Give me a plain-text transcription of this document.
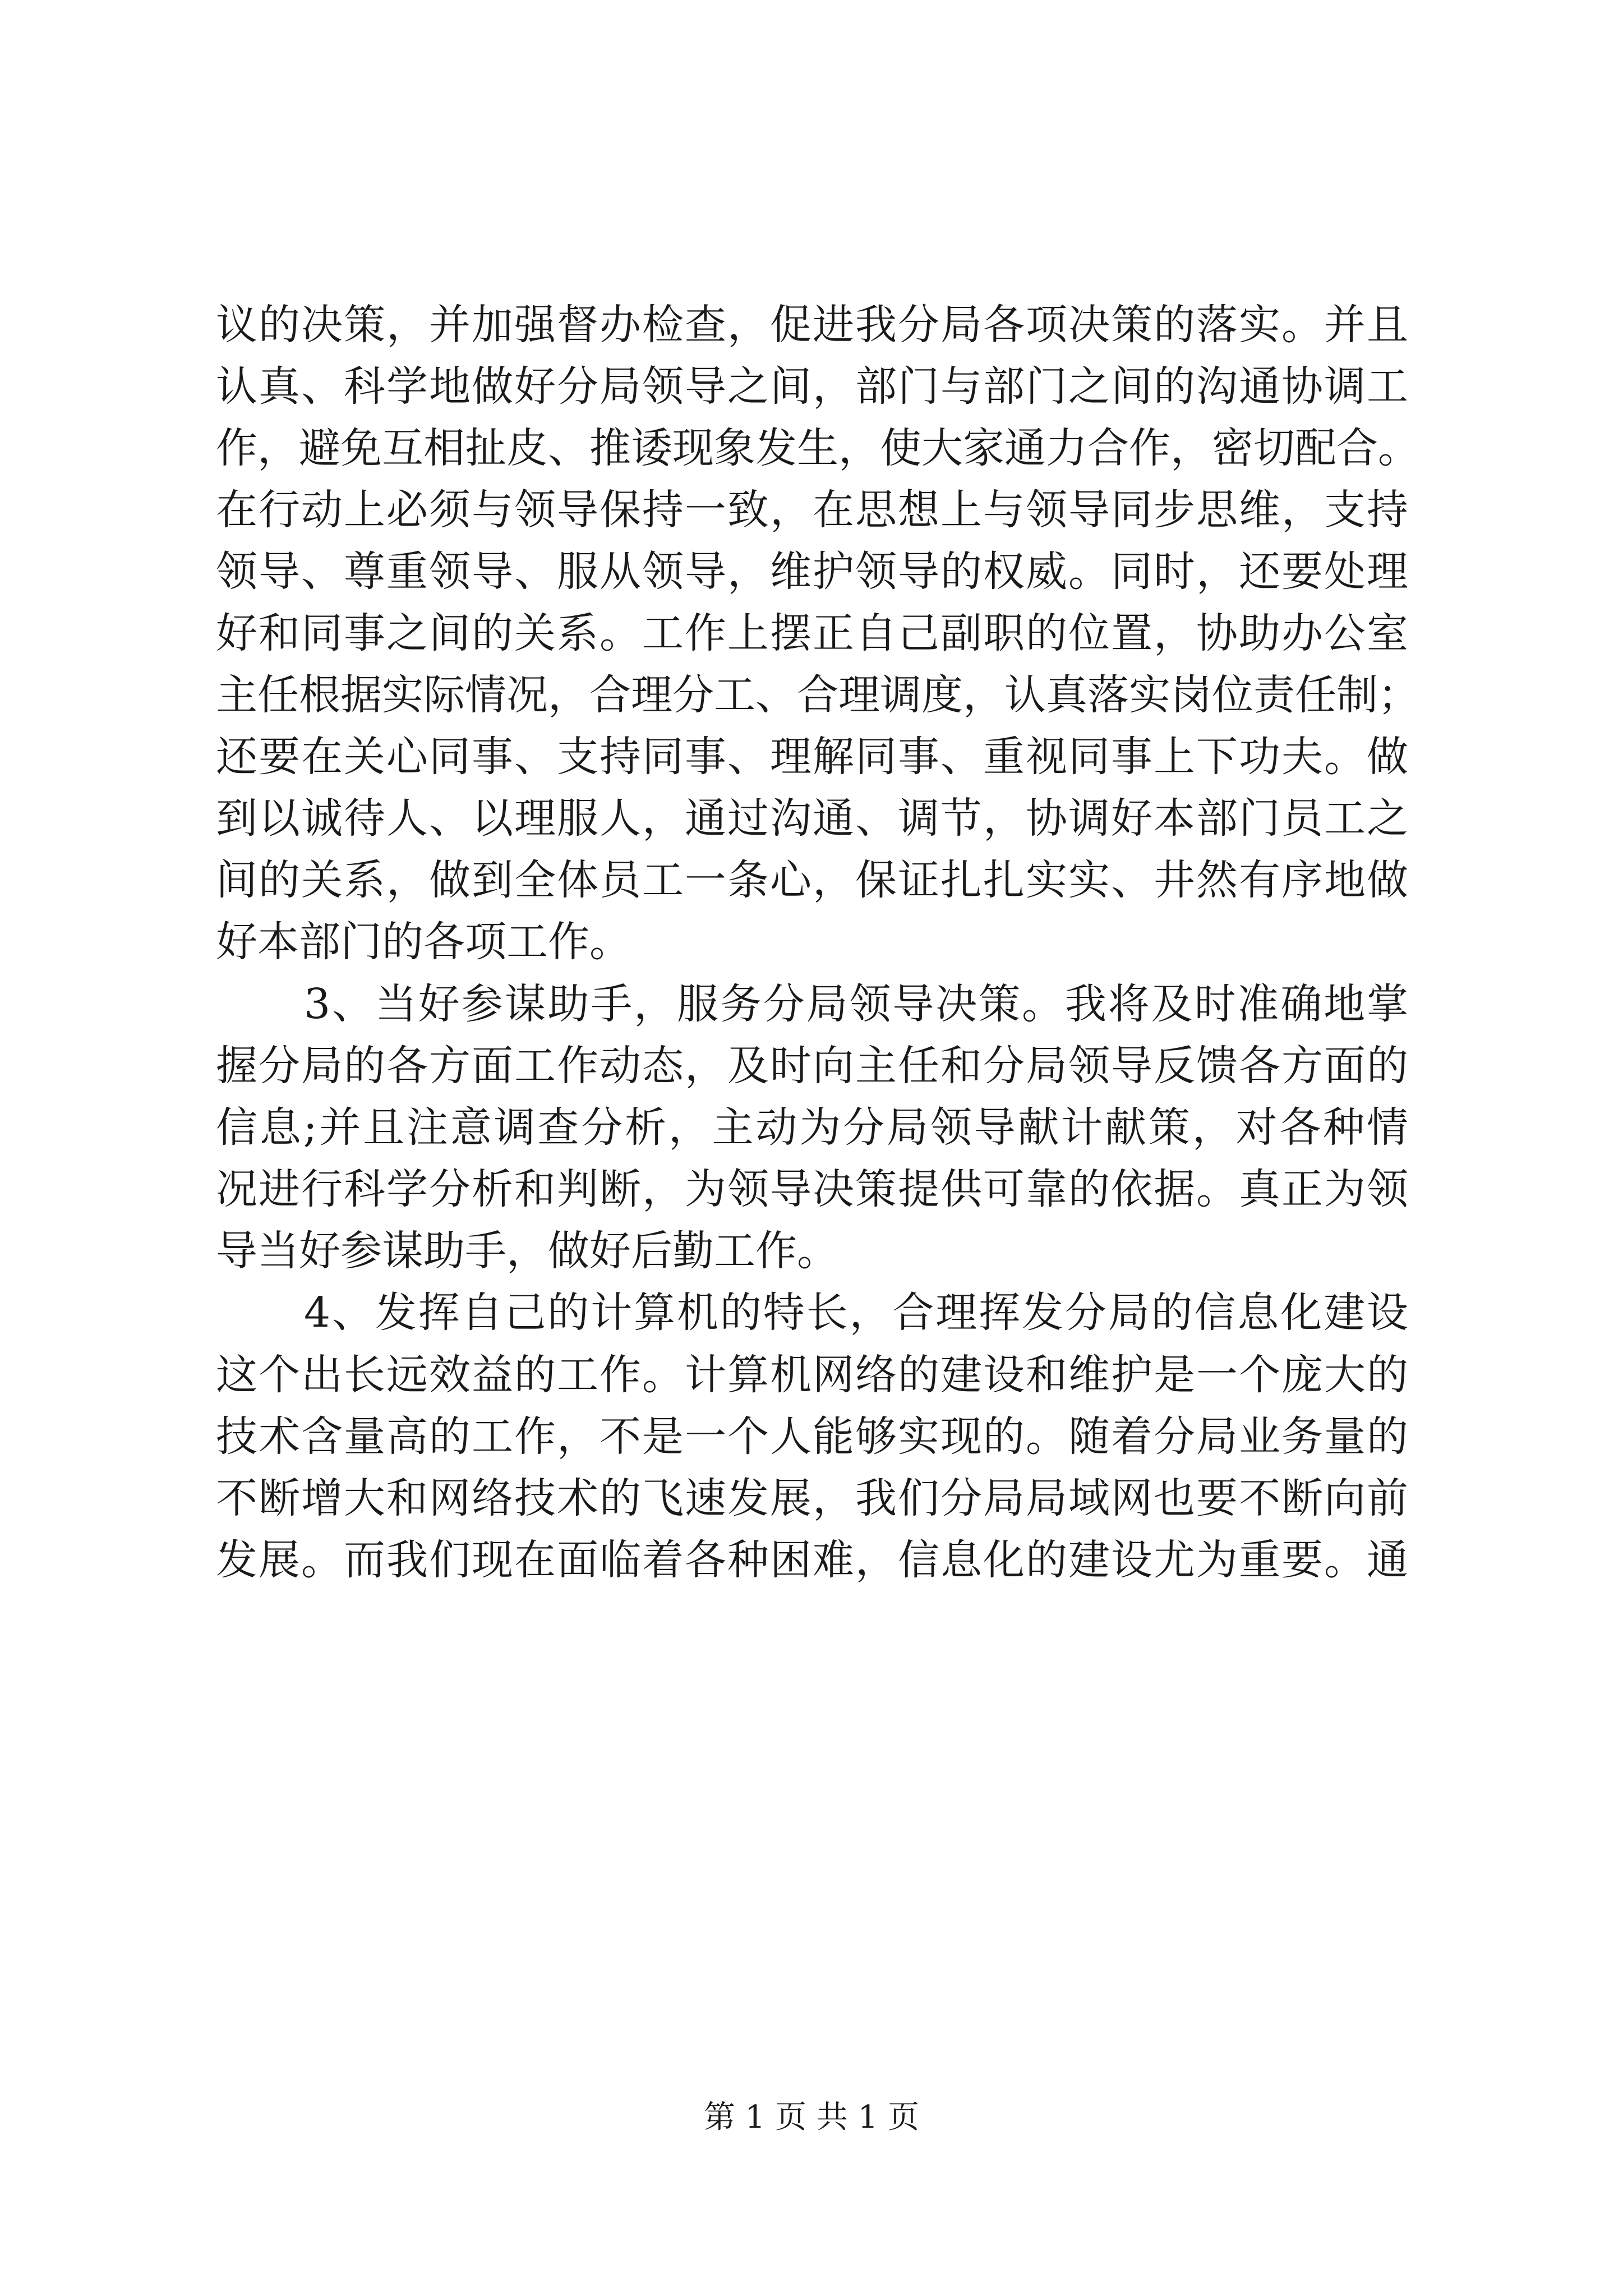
议的决策，并加强督办检查，促进我分局各项决策的落实。并且
认真、科学地做好分局领导之间，部门与部门之间的沟通协调工
作，避免互相扯皮、推诿现象发生，使大家通力合作，密切配合。
在行动上必须与领导保持一致，在思想上与领导同步思维，支持
领导、尊重领导、服从领导，维护领导的权威。同时，还要处理
好和同事之间的关系。工作上摆正自己副职的位置，协助办公室
主任根据实际情况，合理分工、合理调度，认真落实岗位责任制；
还要在关心同事、支持同事、理解同事、重视同事上下功夫。做
到以诚待人、以理服人，通过沟通、调节，协调好本部门员工之
间的关系，做到全体员工一条心，保证扎扎实实、井然有序地做
好本部门的各项工作。
3、当好参谋助手，服务分局领导决策。我将及时准确地掌
握分局的各方面工作动态，及时向主任和分局领导反馈各方面的
信息;并且注意调查分析，主动为分局领导献计献策，对各种情
况进行科学分析和判断，为领导决策提供可靠的依据。真正为领
导当好参谋助手，做好后勤工作。
4、发挥自己的计算机的特长，合理挥发分局的信息化建设
这个出长远效益的工作。计算机网络的建设和维护是一个庞大的
技术含量高的工作，不是一个人能够实现的。随着分局业务量的
不断增大和网络技术的飞速发展，我们分局局域网也要不断向前
发展。而我们现在面临着各种困难，信息化的建设尤为重要。通
第 1 页 共 1 页
